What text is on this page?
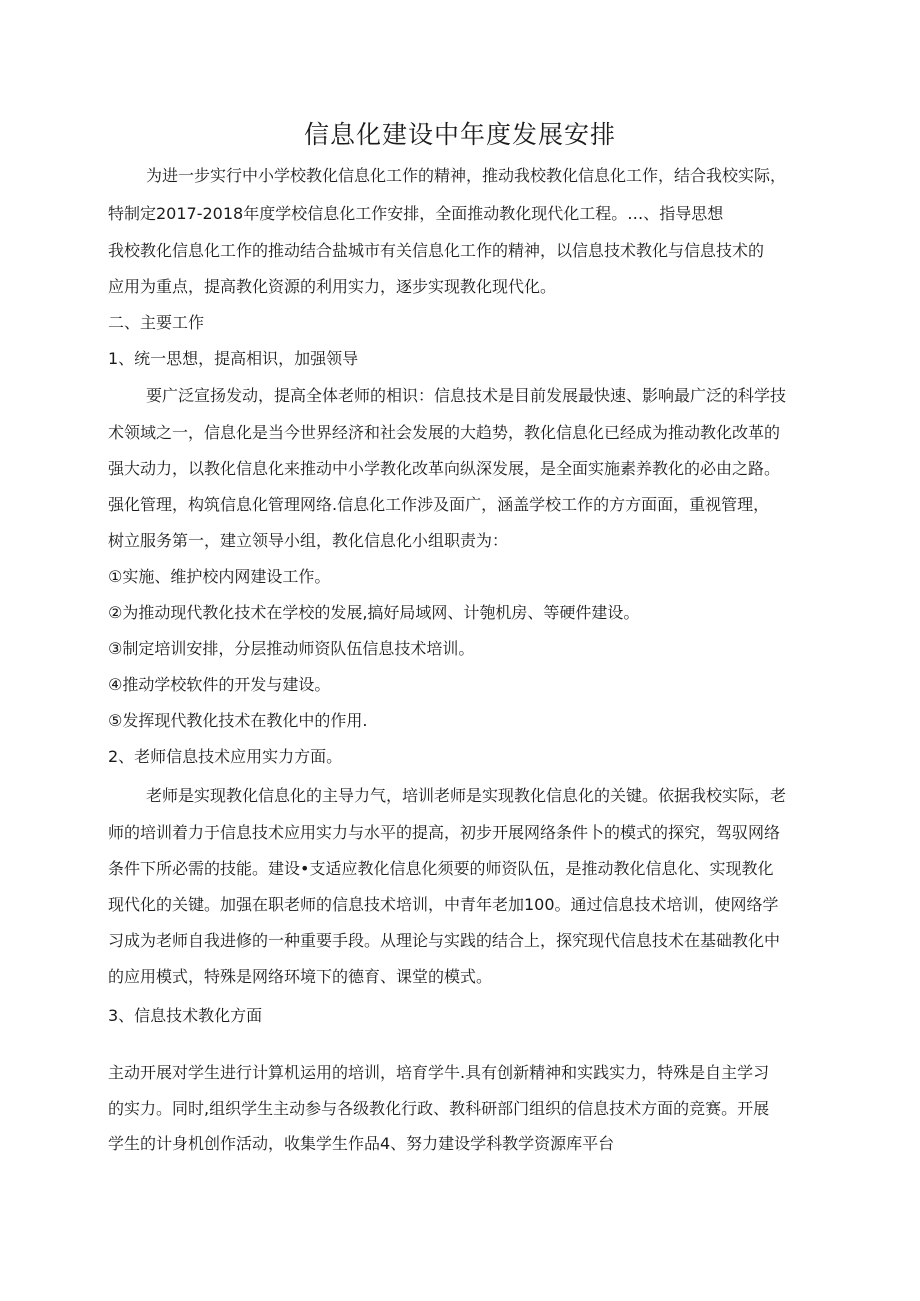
信息化建设中年度发展安排

为进一步实行中小学校教化信息化工作的精神，推动我校教化信息化工作，结合我校实际，

特制定2017-2018年度学校信息化工作安排，全面推动教化现代化工程。…、指导思想

我校教化信息化工作的推动结合盐城市有关信息化工作的精神，以信息技术教化与信息技术的

应用为重点，提高教化资源的利用实力，逐步实现教化现代化。

二、主要工作

1、统一思想，提高相识，加强领导

要广泛宣扬发动，提高全体老师的相识：信息技术是目前发展最快速、影响最广泛的科学技

术领域之一，信息化是当今世界经济和社会发展的大趋势，教化信息化已经成为推动教化改革的

强大动力，以教化信息化来推动中小学教化改革向纵深发展，是全面实施素养教化的必由之路。

强化管理，构筑信息化管理网络.信息化工作涉及面广，涵盖学校工作的方方面面，重视管理，

树立服务第一，建立领导小组，教化信息化小组职责为：

①实施、维护校内网建设工作。

②为推动现代教化技术在学校的发展,搞好局域网、计匏机房、等硬件建设。

③制定培训安排，分层推动师资队伍信息技术培训。

④推动学校软件的开发与建设。

⑤发挥现代教化技术在教化中的作用.

2、老师信息技术应用实力方面。

老师是实现教化信息化的主导力气，培训老师是实现教化信息化的关键。依据我校实际，老

师的培训着力于信息技术应用实力与水平的提高，初步开展网络条件卜的模式的探究，驾驭网络

条件下所必需的技能。建设•支适应教化信息化须要的师资队伍，是推动教化信息化、实现教化

现代化的关键。加强在职老师的信息技术培训，中青年老加100。通过信息技术培训，使网络学

习成为老师自我进修的一种重要手段。从理论与实践的结合上，探究现代信息技术在基础教化中

的应用模式，特殊是网络环境下的德育、课堂的模式。

3、信息技术教化方面

主动开展对学生进行计算机运用的培训，培育学牛.具有创新精神和实践实力，特殊是自主学习

的实力。同时,组织学生主动参与各级教化行政、教科研部门组织的信息技术方面的竞赛。开展

学生的计身机创作活动，收集学生作品4、努力建设学科教学资源库平台
